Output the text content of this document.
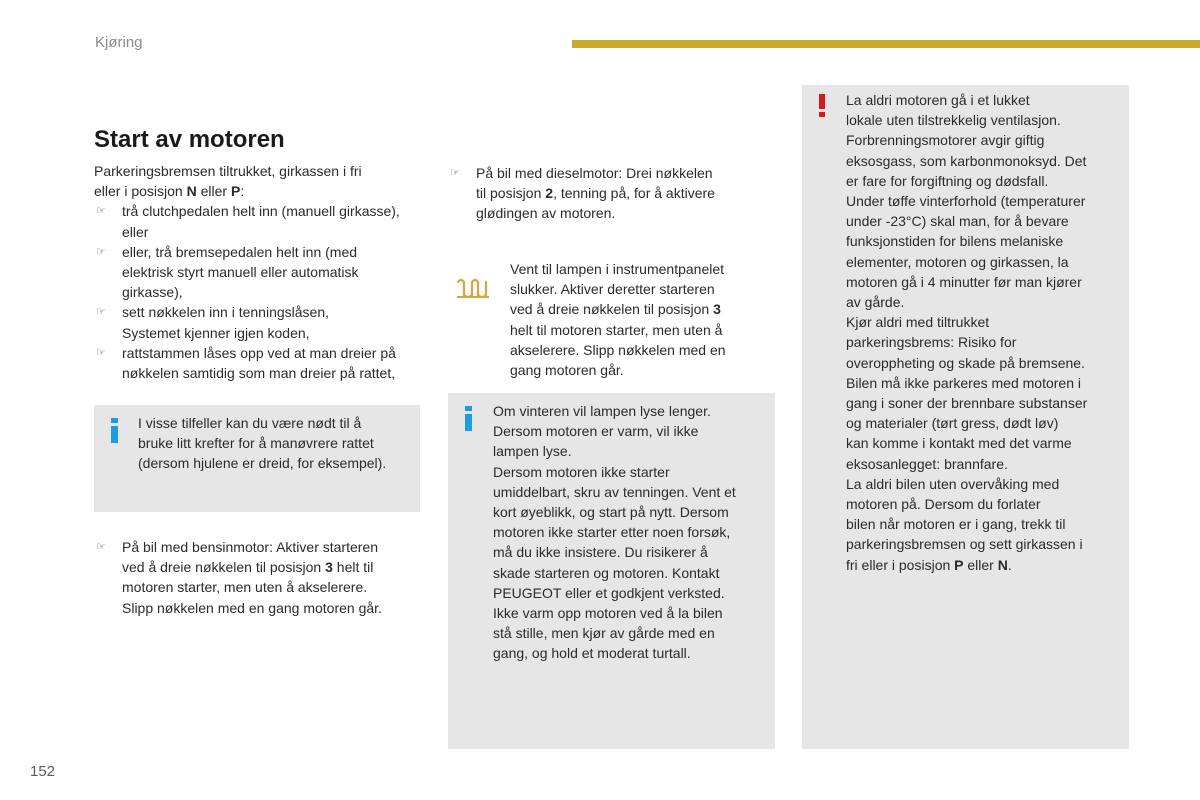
Kjøring
Start av motoren

Parkeringsbremsen tiltrukket, girkassen i fri

eller i posisjon N eller P:

☞ trå clutchpedalen helt inn (manuell girkasse),

eller

☞ eller, trå bremsepedalen helt inn (med

elektrisk styrt manuell eller automatisk

girkasse),

☞ sett nøkkelen inn i tenningslåsen,

Systemet kjenner igjen koden,

☞ rattstammen låses opp ved at man dreier på

nøkkelen samtidig som man dreier på rattet,

I visse tilfeller kan du være nødt til å

bruke litt krefter for å manøvrere rattet

(dersom hjulene er dreid, for eksempel).

☞ På bil med bensinmotor: Aktiver starteren

ved å dreie nøkkelen til posisjon 3 helt til

motoren starter, men uten å akselerere.

Slipp nøkkelen med en gang motoren går.

☞ På bil med dieselmotor: Drei nøkkelen

til posisjon 2, tenning på, for å aktivere

glødingen av motoren.

Vent til lampen i instrumentpanelet

slukker. Aktiver deretter starteren

ved å dreie nøkkelen til posisjon 3

helt til motoren starter, men uten å

akselerere. Slipp nøkkelen med en

gang motoren går.

Om vinteren vil lampen lyse lenger.

Dersom motoren er varm, vil ikke

lampen lyse.

Dersom motoren ikke starter

umiddelbart, skru av tenningen. Vent et

kort øyeblikk, og start på nytt. Dersom

motoren ikke starter etter noen forsøk,

må du ikke insistere. Du risikerer å

skade starteren og motoren. Kontakt

PEUGEOT eller et godkjent verksted.

Ikke varm opp motoren ved å la bilen

stå stille, men kjør av gårde med en

gang, og hold et moderat turtall.

La aldri motoren gå i et lukket

lokale uten tilstrekkelig ventilasjon.

Forbrenningsmotorer avgir giftig

eksosgass, som karbonmonoksyd. Det

er fare for forgiftning og dødsfall.

Under tøffe vinterforhold (temperaturer

under -23°C) skal man, for å bevare

funksjonstiden for bilens melaniske

elementer, motoren og girkassen, la

motoren gå i 4 minutter før man kjører

av gårde.

Kjør aldri med tiltrukket

parkeringsbrems: Risiko for

overoppheting og skade på bremsene.

Bilen må ikke parkeres med motoren i

gang i soner der brennbare substanser

og materialer (tørt gress, dødt løv)

kan komme i kontakt med det varme

eksosanlegget: brannfare.

La aldri bilen uten overvåking med

motoren på. Dersom du forlater

bilen når motoren er i gang, trekk til

parkeringsbremsen og sett girkassen i

fri eller i posisjon P eller N.

152
